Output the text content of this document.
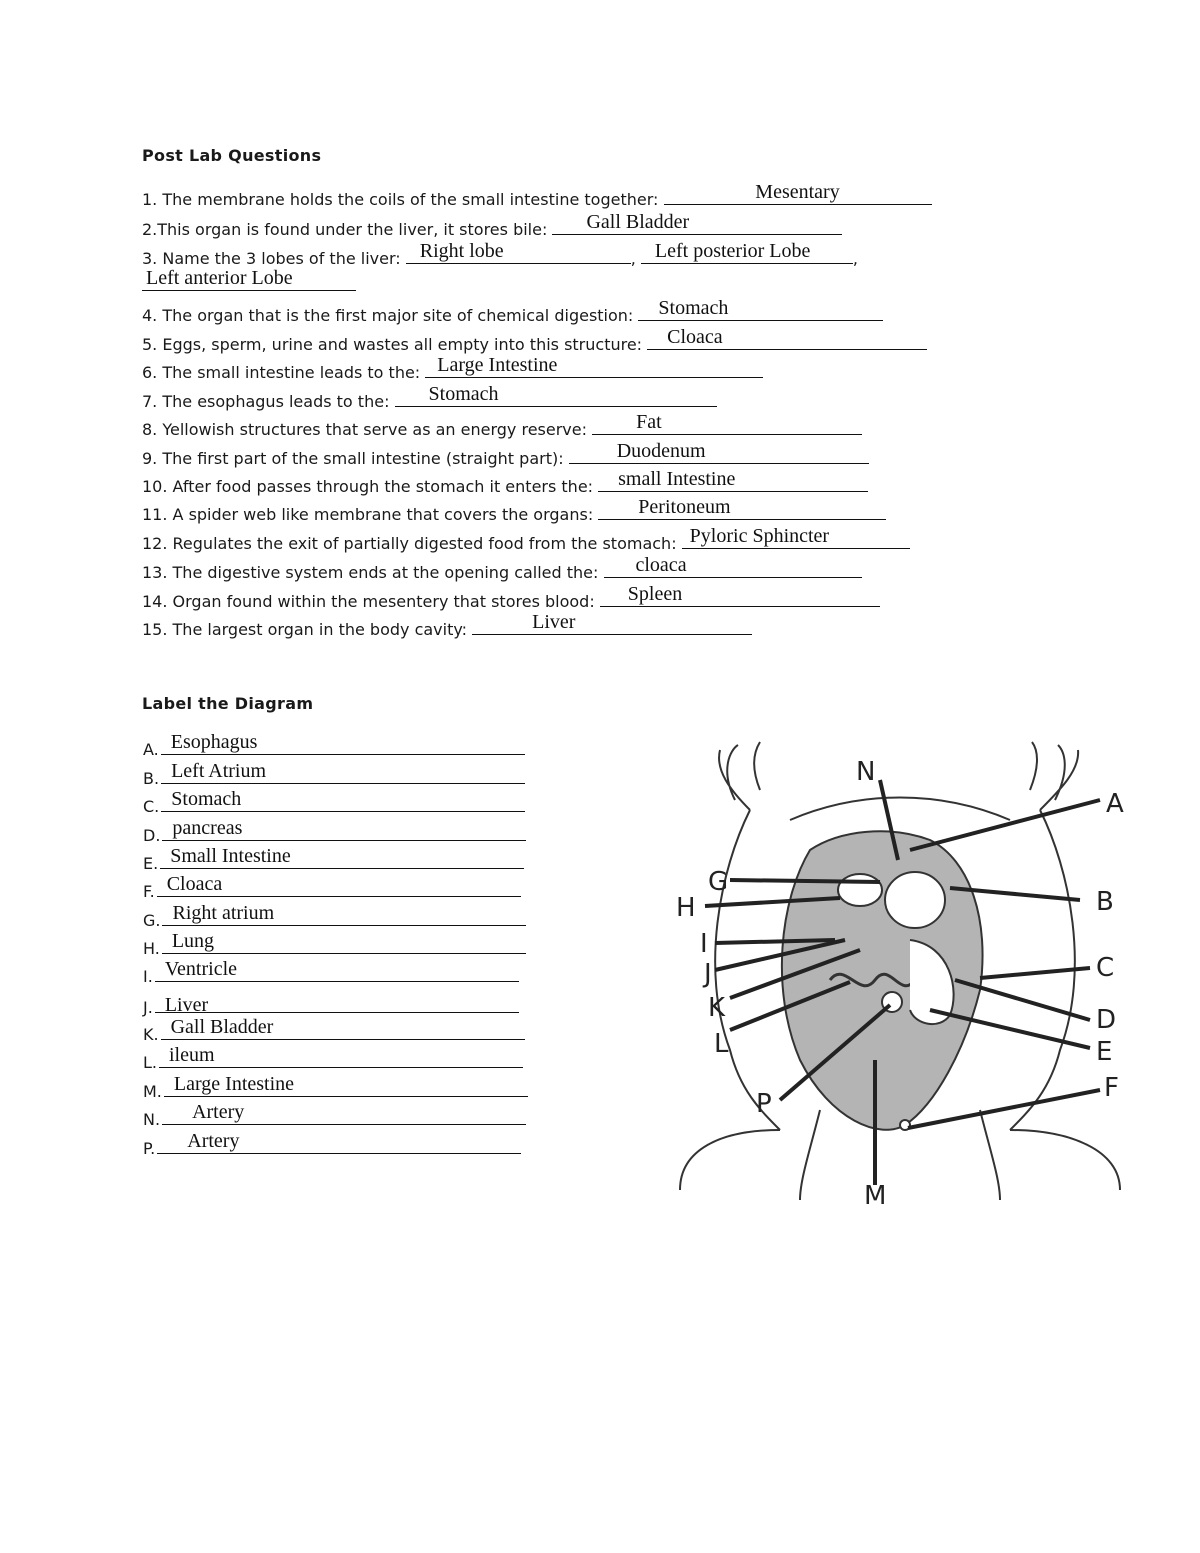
Post Lab Questions
1. The membrane holds the coils of the small intestine together:	Mesentary
2.This organ is found under the liver, it stores bile:	Gall Bladder
3. Name the 3 lobes of the liver: Right lobe	, Left posterior Lobe	,
Left anterior Lobe
4. The organ that is the first major site of chemical digestion:	Stomach
5. Eggs, sperm, urine and wastes all empty into this structure:	Cloaca
6. The small intestine leads to the: Large Intestine
7. The esophagus leads to the:	Stomach
8. Yellowish structures that serve as an energy reserve:	Fat
9. The first part of the small intestine (straight part):	Duodenum
10. After food passes through the stomach it enters the:	small Intestine
11. A spider web like membrane that covers the organs:	Peritoneum
12. Regulates the exit of partially digested food from the stomach: Pyloric Sphincter
13. The digestive system ends at the opening called the:	cloaca
14. Organ found within the mesentery that stores blood:	Spleen
15. The largest organ in the body cavity:	Liver
Label the Diagram
A. Esophagus
B. Left Atrium
C. Stomach
D. pancreas
E. Small Intestine
F. Cloaca
G. Right atrium
H. Lung
I. Ventricle
J. Liver
K. Gall Bladder
L. ileum
M. Large Intestine
N.	Artery
P.	Artery
N
A
G
H	B
I
J	C
K	D
L	E
P
F
M
